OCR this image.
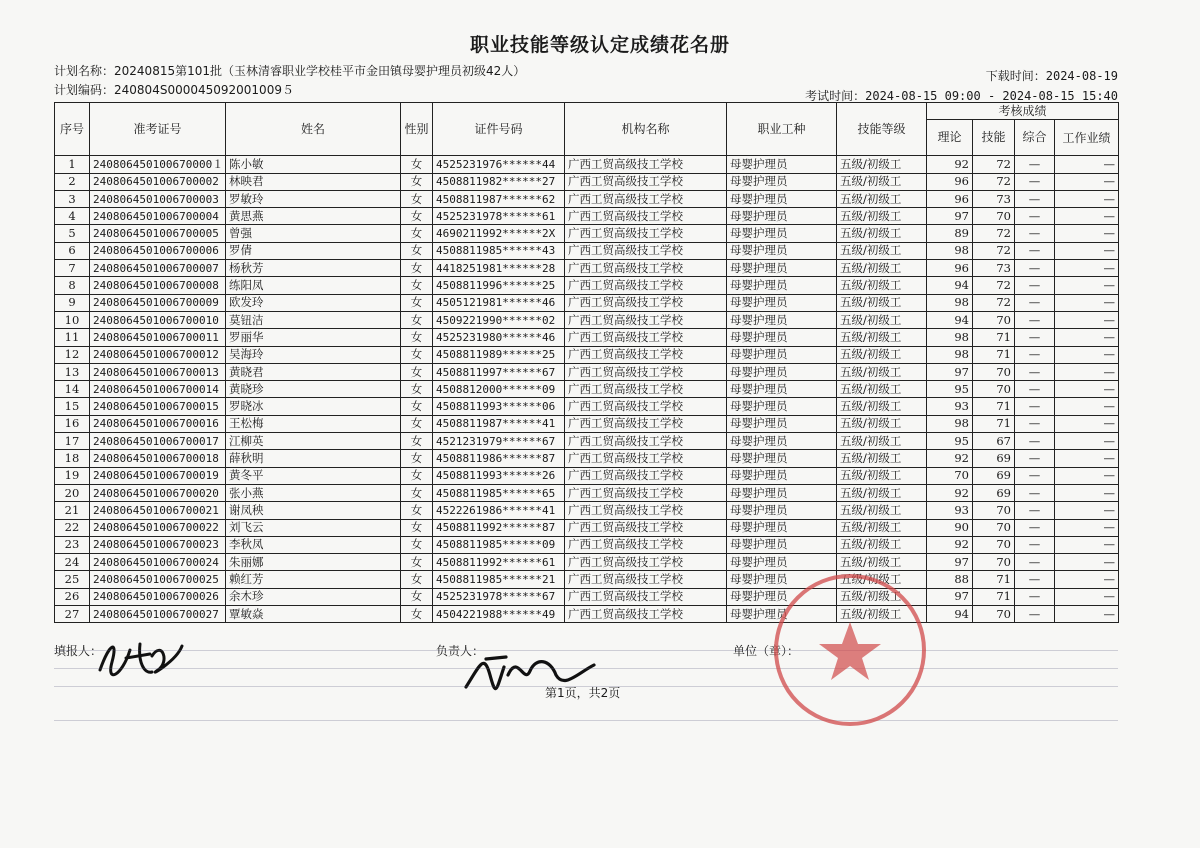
职业技能等级认定成绩花名册
计划名称：20240815第101批（玉林清睿职业学校桂平市金田镇母婴护理员初级42人）
计划编码：240804S000045092001009５
下载时间：2024-08-19
考试时间：2024-08-15 09:00 - 2024-08-15 15:40
序号	准考证号	姓名	性别	证件号码	机构名称	职业工种	技能等级	考核成绩			
								理论	技能	综合	工作业绩
1	240806450100670000１	陈小敏	女	4525231976******44	广西工贸高级技工学校	母婴护理员	五级/初级工	92	72	—	—
2	2408064501006700002	林映君	女	4508811982******27	广西工贸高级技工学校	母婴护理员	五级/初级工	96	72	—	—
3	2408064501006700003	罗敏玲	女	4508811987******62	广西工贸高级技工学校	母婴护理员	五级/初级工	96	73	—	—
4	2408064501006700004	黄思燕	女	4525231978******61	广西工贸高级技工学校	母婴护理员	五级/初级工	97	70	—	—
5	2408064501006700005	曾强	女	4690211992******2X	广西工贸高级技工学校	母婴护理员	五级/初级工	89	72	—	—
6	2408064501006700006	罗倩	女	4508811985******43	广西工贸高级技工学校	母婴护理员	五级/初级工	98	72	—	—
7	2408064501006700007	杨秋芳	女	4418251981******28	广西工贸高级技工学校	母婴护理员	五级/初级工	96	73	—	—
8	2408064501006700008	练阳凤	女	4508811996******25	广西工贸高级技工学校	母婴护理员	五级/初级工	94	72	—	—
9	2408064501006700009	欧发玲	女	4505121981******46	广西工贸高级技工学校	母婴护理员	五级/初级工	98	72	—	—
10	2408064501006700010	莫钮洁	女	4509221990******02	广西工贸高级技工学校	母婴护理员	五级/初级工	94	70	—	—
11	2408064501006700011	罗丽华	女	4525231980******46	广西工贸高级技工学校	母婴护理员	五级/初级工	98	71	—	—
12	2408064501006700012	吴海玲	女	4508811989******25	广西工贸高级技工学校	母婴护理员	五级/初级工	98	71	—	—
13	2408064501006700013	黄晓君	女	4508811997******67	广西工贸高级技工学校	母婴护理员	五级/初级工	97	70	—	—
14	2408064501006700014	黄晓珍	女	4508812000******09	广西工贸高级技工学校	母婴护理员	五级/初级工	95	70	—	—
15	2408064501006700015	罗晓冰	女	4508811993******06	广西工贸高级技工学校	母婴护理员	五级/初级工	93	71	—	—
16	2408064501006700016	王松梅	女	4508811987******41	广西工贸高级技工学校	母婴护理员	五级/初级工	98	71	—	—
17	2408064501006700017	江柳英	女	4521231979******67	广西工贸高级技工学校	母婴护理员	五级/初级工	95	67	—	—
18	2408064501006700018	薛秋明	女	4508811986******87	广西工贸高级技工学校	母婴护理员	五级/初级工	92	69	—	—
19	2408064501006700019	黄冬平	女	4508811993******26	广西工贸高级技工学校	母婴护理员	五级/初级工	70	69	—	—
20	2408064501006700020	张小燕	女	4508811985******65	广西工贸高级技工学校	母婴护理员	五级/初级工	92	69	—	—
21	2408064501006700021	谢凤秧	女	4522261986******41	广西工贸高级技工学校	母婴护理员	五级/初级工	93	70	—	—
22	2408064501006700022	刘飞云	女	4508811992******87	广西工贸高级技工学校	母婴护理员	五级/初级工	90	70	—	—
23	2408064501006700023	李秋凤	女	4508811985******09	广西工贸高级技工学校	母婴护理员	五级/初级工	92	70	—	—
24	2408064501006700024	朱丽娜	女	4508811992******61	广西工贸高级技工学校	母婴护理员	五级/初级工	97	70	—	—
25	2408064501006700025	赖红芳	女	4508811985******21	广西工贸高级技工学校	母婴护理员	五级/初级工	88	71	—	—
26	2408064501006700026	余木珍	女	4525231978******67	广西工贸高级技工学校	母婴护理员	五级/初级工	97	71	—	—
27	2408064501006700027	覃敏焱	女	4504221988******49	广西工贸高级技工学校	母婴护理员	五级/初级工	94	70	—	—
填报人：	负责人：	单位（章）：
第1页，共2页
